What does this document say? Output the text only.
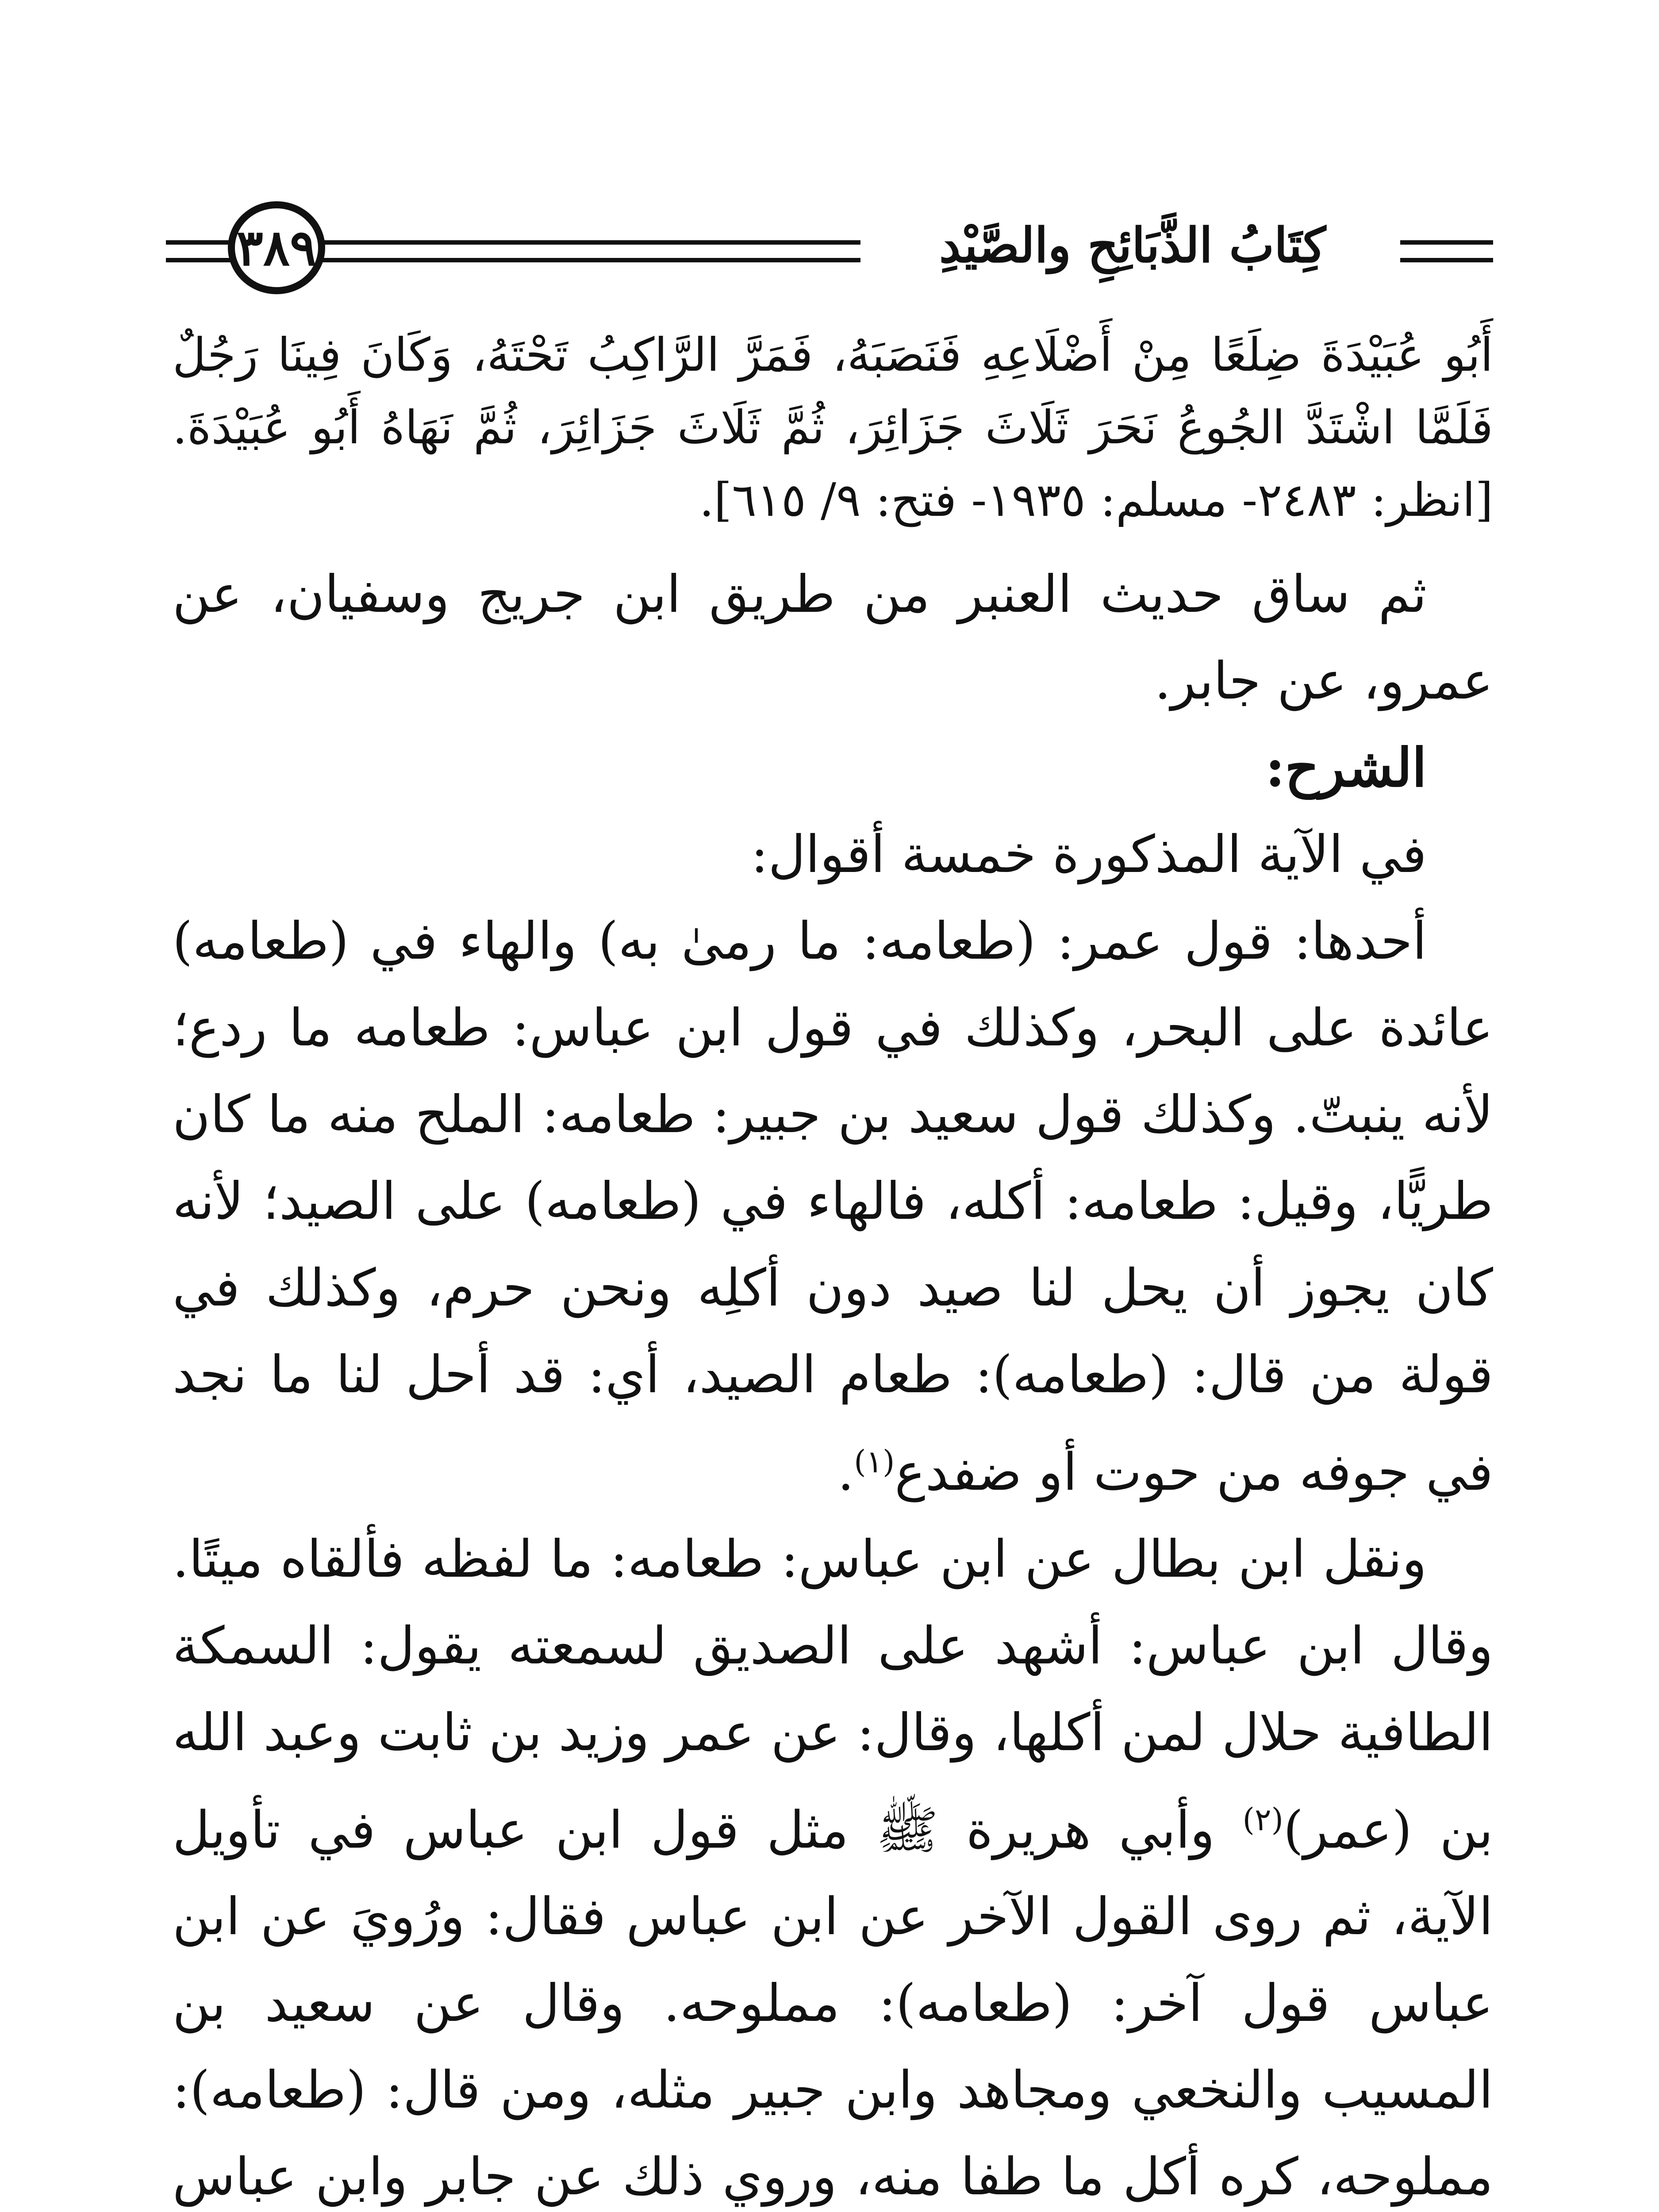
٣٨٩	كِتَابُ الذَّبَائِحِ والصَّيْدِ

أَبُو عُبَيْدَةَ ضِلَعًا مِنْ أَضْلَاعِهِ فَنَصَبَهُ، فَمَرَّ الرَّاكِبُ تَحْتَهُ، وَكَانَ فِينَا رَجُلٌ فَلَمَّا اشْتَدَّ الجُوعُ نَحَرَ ثَلَاثَ جَزَائِرَ، ثُمَّ ثَلَاثَ جَزَائِرَ، ثُمَّ نَهَاهُ أَبُو عُبَيْدَةَ. [انظر: ٢٤٨٣- مسلم: ١٩٣٥- فتح: ٩/ ٦١٥].

ثم ساق حديث العنبر من طريق ابن جريج وسفيان، عن عمرو، عن جابر.

الشرح:

في الآية المذكورة خمسة أقوال:

أحدها: قول عمر: (طعامه: ما رمىٰ به) والهاء في (طعامه) عائدة على البحر، وكذلك في قول ابن عباس: طعامه ما ردع؛ لأنه ينبتّ. وكذلك قول سعيد بن جبير: طعامه: الملح منه ما كان طريًّا، وقيل: طعامه: أكله، فالهاء في (طعامه) على الصيد؛ لأنه كان يجوز أن يحل لنا صيد دون أكلِه ونحن حرم، وكذلك في قولة من قال: (طعامه): طعام الصيد، أي: قد أحل لنا ما نجد في جوفه من حوت أو ضفدع$^{(١)}$.

ونقل ابن بطال عن ابن عباس: طعامه: ما لفظه فألقاه ميتًا. وقال ابن عباس: أشهد على الصديق لسمعته يقول: السمكة الطافية حلال لمن أكلها، وقال: عن عمر وزيد بن ثابت وعبد الله بن (عمر)$^{(٢)}$ وأبي هريرة ﷺ مثل قول ابن عباس في تأويل الآية، ثم روى القول الآخر عن ابن عباس فقال: ورُويَ عن ابن عباس قول آخر: (طعامه): مملوحه. وقال عن سعيد بن المسيب والنخعي ومجاهد وابن جبير مثله، ومن قال: (طعامه): مملوحه، كره أكل ما طفا منه، وروي ذلك عن جابر وابن عباس
